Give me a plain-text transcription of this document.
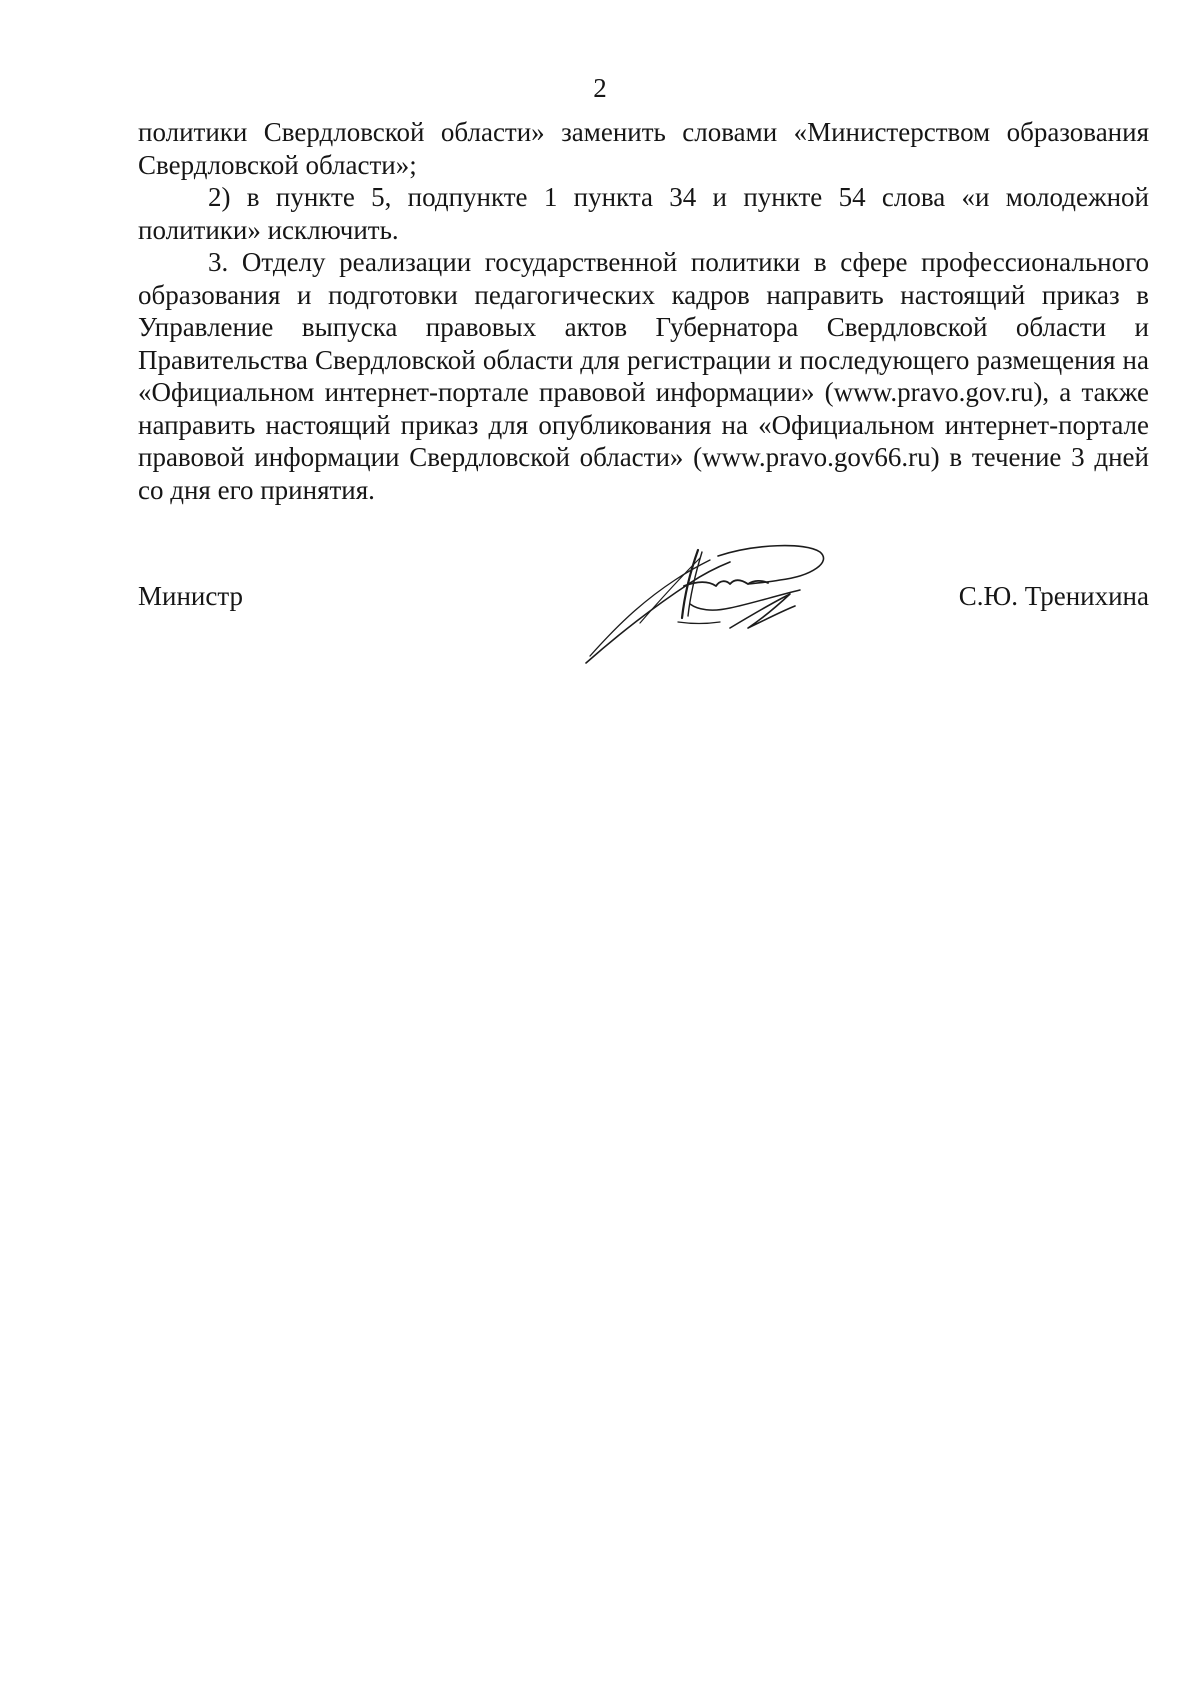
2

политики Свердловской области» заменить словами «Министерством образования Свердловской области»;

2) в пункте 5, подпункте 1 пункта 34 и пункте 54 слова «и молодежной политики» исключить.

3. Отделу реализации государственной политики в сфере профессионального образования и подготовки педагогических кадров направить настоящий приказ в Управление выпуска правовых актов Губернатора Свердловской области и Правительства Свердловской области для регистрации и последующего размещения на «Официальном интернет-портале правовой информации» (www.pravo.gov.ru), а также направить настоящий приказ для опубликования на «Официальном интернет-портале правовой информации Свердловской области» (www.pravo.gov66.ru) в течение 3 дней со дня его принятия.

Министр	С.Ю. Тренихина
